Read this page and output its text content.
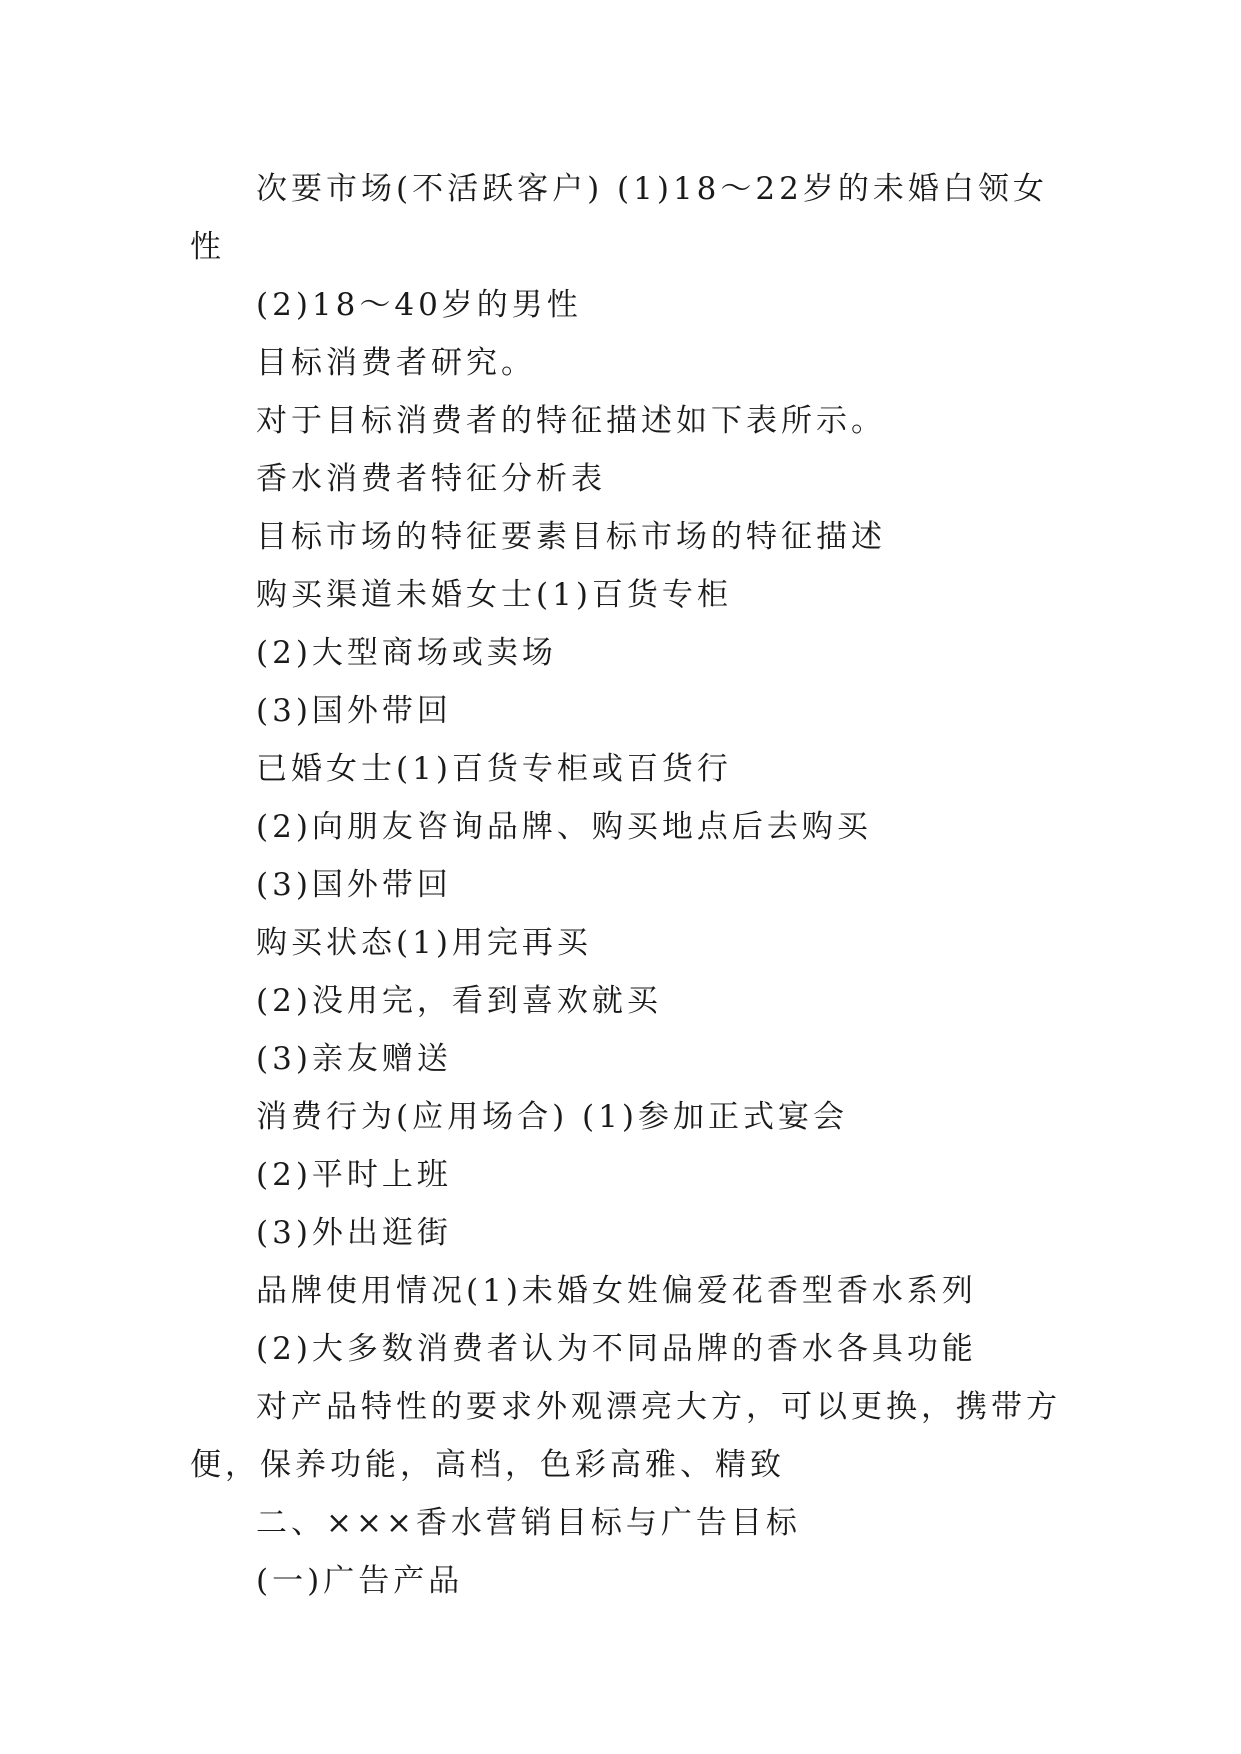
次要市场(不活跃客户) (1)18～22岁的未婚白领女性

(2)18～40岁的男性

目标消费者研究。

对于目标消费者的特征描述如下表所示。

香水消费者特征分析表

目标市场的特征要素目标市场的特征描述

购买渠道未婚女士(1)百货专柜

(2)大型商场或卖场

(3)国外带回

已婚女士(1)百货专柜或百货行

(2)向朋友咨询品牌、购买地点后去购买

(3)国外带回

购买状态(1)用完再买

(2)没用完，看到喜欢就买

(3)亲友赠送

消费行为(应用场合) (1)参加正式宴会

(2)平时上班

(3)外出逛街

品牌使用情况(1)未婚女姓偏爱花香型香水系列

(2)大多数消费者认为不同品牌的香水各具功能

对产品特性的要求外观漂亮大方，可以更换，携带方便，保养功能，高档，色彩高雅、精致

二、×××香水营销目标与广告目标

(一)广告产品
